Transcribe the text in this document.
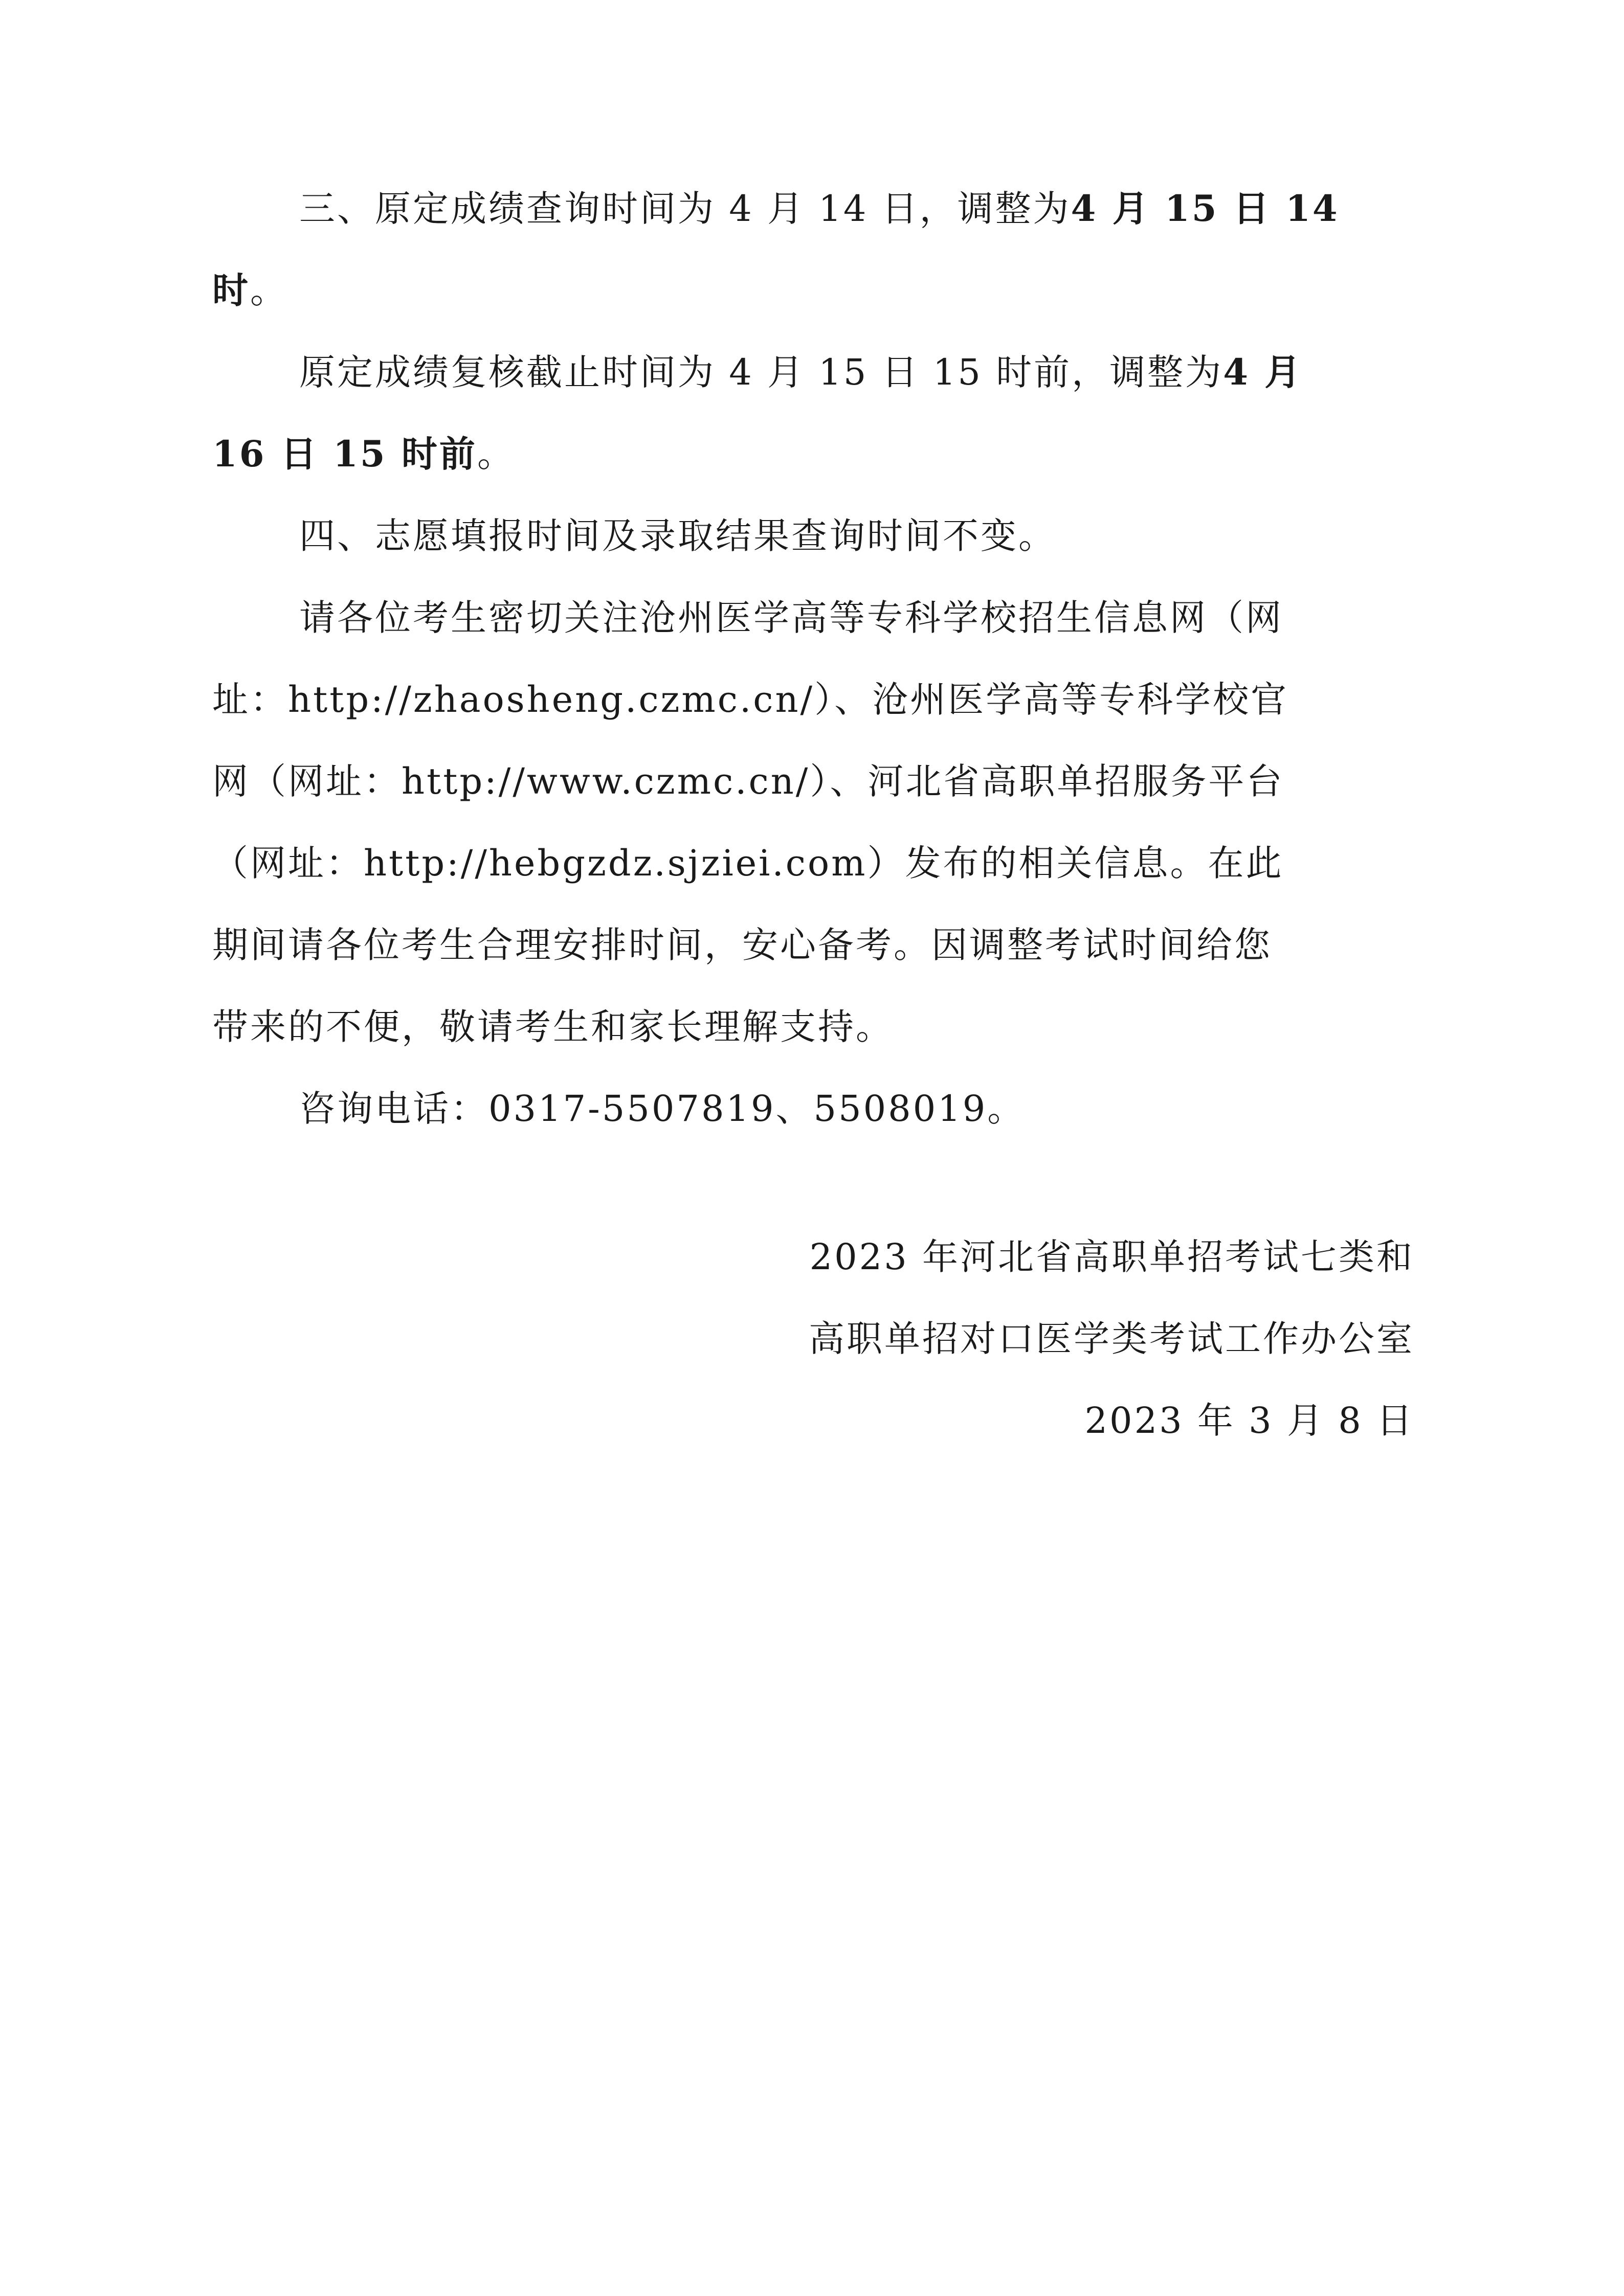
三、原定成绩查询时间为 4 月 14 日，调整为4 月 15 日 14
时。
原定成绩复核截止时间为 4 月 15 日 15 时前，调整为4 月
16 日 15 时前。
四、志愿填报时间及录取结果查询时间不变。
请各位考生密切关注沧州医学高等专科学校招生信息网（网
址：http://zhaosheng.czmc.cn/）、沧州医学高等专科学校官
网（网址：http://www.czmc.cn/）、河北省高职单招服务平台
（网址：http://hebgzdz.sjziei.com）发布的相关信息。在此
期间请各位考生合理安排时间，安心备考。因调整考试时间给您
带来的不便，敬请考生和家长理解支持。
咨询电话：0317-5507819、5508019。
2023 年河北省高职单招考试七类和
高职单招对口医学类考试工作办公室
2023 年 3 月 8 日
